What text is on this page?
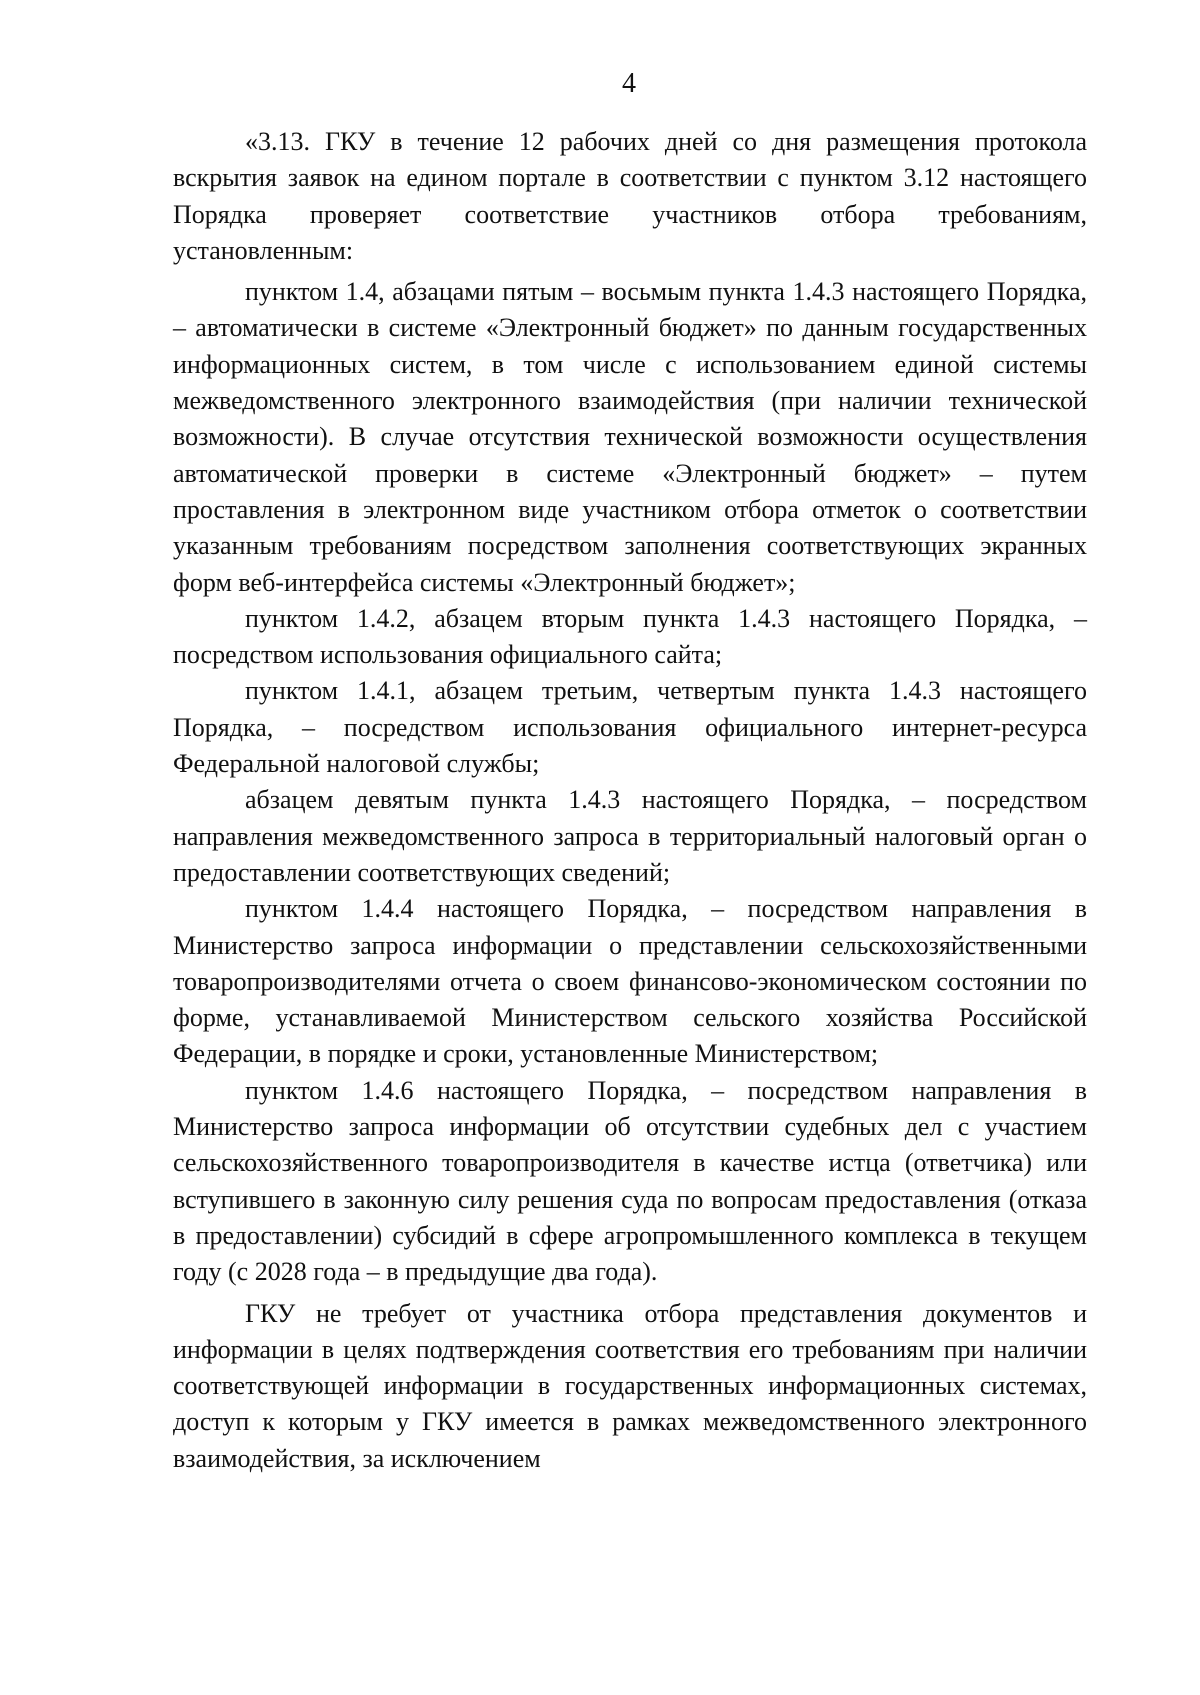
4

«3.13. ГКУ в течение 12 рабочих дней со дня размещения протокола вскрытия заявок на едином портале в соответствии с пунктом 3.12 настоящего Порядка проверяет соответствие участников отбора требованиям, установленным:

пунктом 1.4, абзацами пятым – восьмым пункта 1.4.3 настоящего Порядка, – автоматически в системе «Электронный бюджет» по данным государственных информационных систем, в том числе с использованием единой системы межведомственного электронного взаимодействия (при наличии технической возможности). В случае отсутствия технической возможности осуществления автоматической проверки в системе «Электронный бюджет» – путем проставления в электронном виде участником отбора отметок о соответствии указанным требованиям посредством заполнения соответствующих экранных форм веб-интерфейса системы «Электронный бюджет»;

пунктом 1.4.2, абзацем вторым пункта 1.4.3 настоящего Порядка, – посредством использования официального сайта;

пунктом 1.4.1, абзацем третьим, четвертым пункта 1.4.3 настоящего Порядка, – посредством использования официального интернет-ресурса Федеральной налоговой службы;

абзацем девятым пункта 1.4.3 настоящего Порядка, – посредством направления межведомственного запроса в территориальный налоговый орган о предоставлении соответствующих сведений;

пунктом 1.4.4 настоящего Порядка, – посредством направления в Министерство запроса информации о представлении сельскохозяйственными товаропроизводителями отчета о своем финансово-экономическом состоянии по форме, устанавливаемой Министерством сельского хозяйства Российской Федерации, в порядке и сроки, установленные Министерством;

пунктом 1.4.6 настоящего Порядка, – посредством направления в Министерство запроса информации об отсутствии судебных дел с участием сельскохозяйственного товаропроизводителя в качестве истца (ответчика) или вступившего в законную силу решения суда по вопросам предоставления (отказа в предоставлении) субсидий в сфере агропромышленного комплекса в текущем году (с 2028 года – в предыдущие два года).

ГКУ не требует от участника отбора представления документов и информации в целях подтверждения соответствия его требованиям при наличии соответствующей информации в государственных информационных системах, доступ к которым у ГКУ имеется в рамках межведомственного электронного взаимодействия, за исключением
